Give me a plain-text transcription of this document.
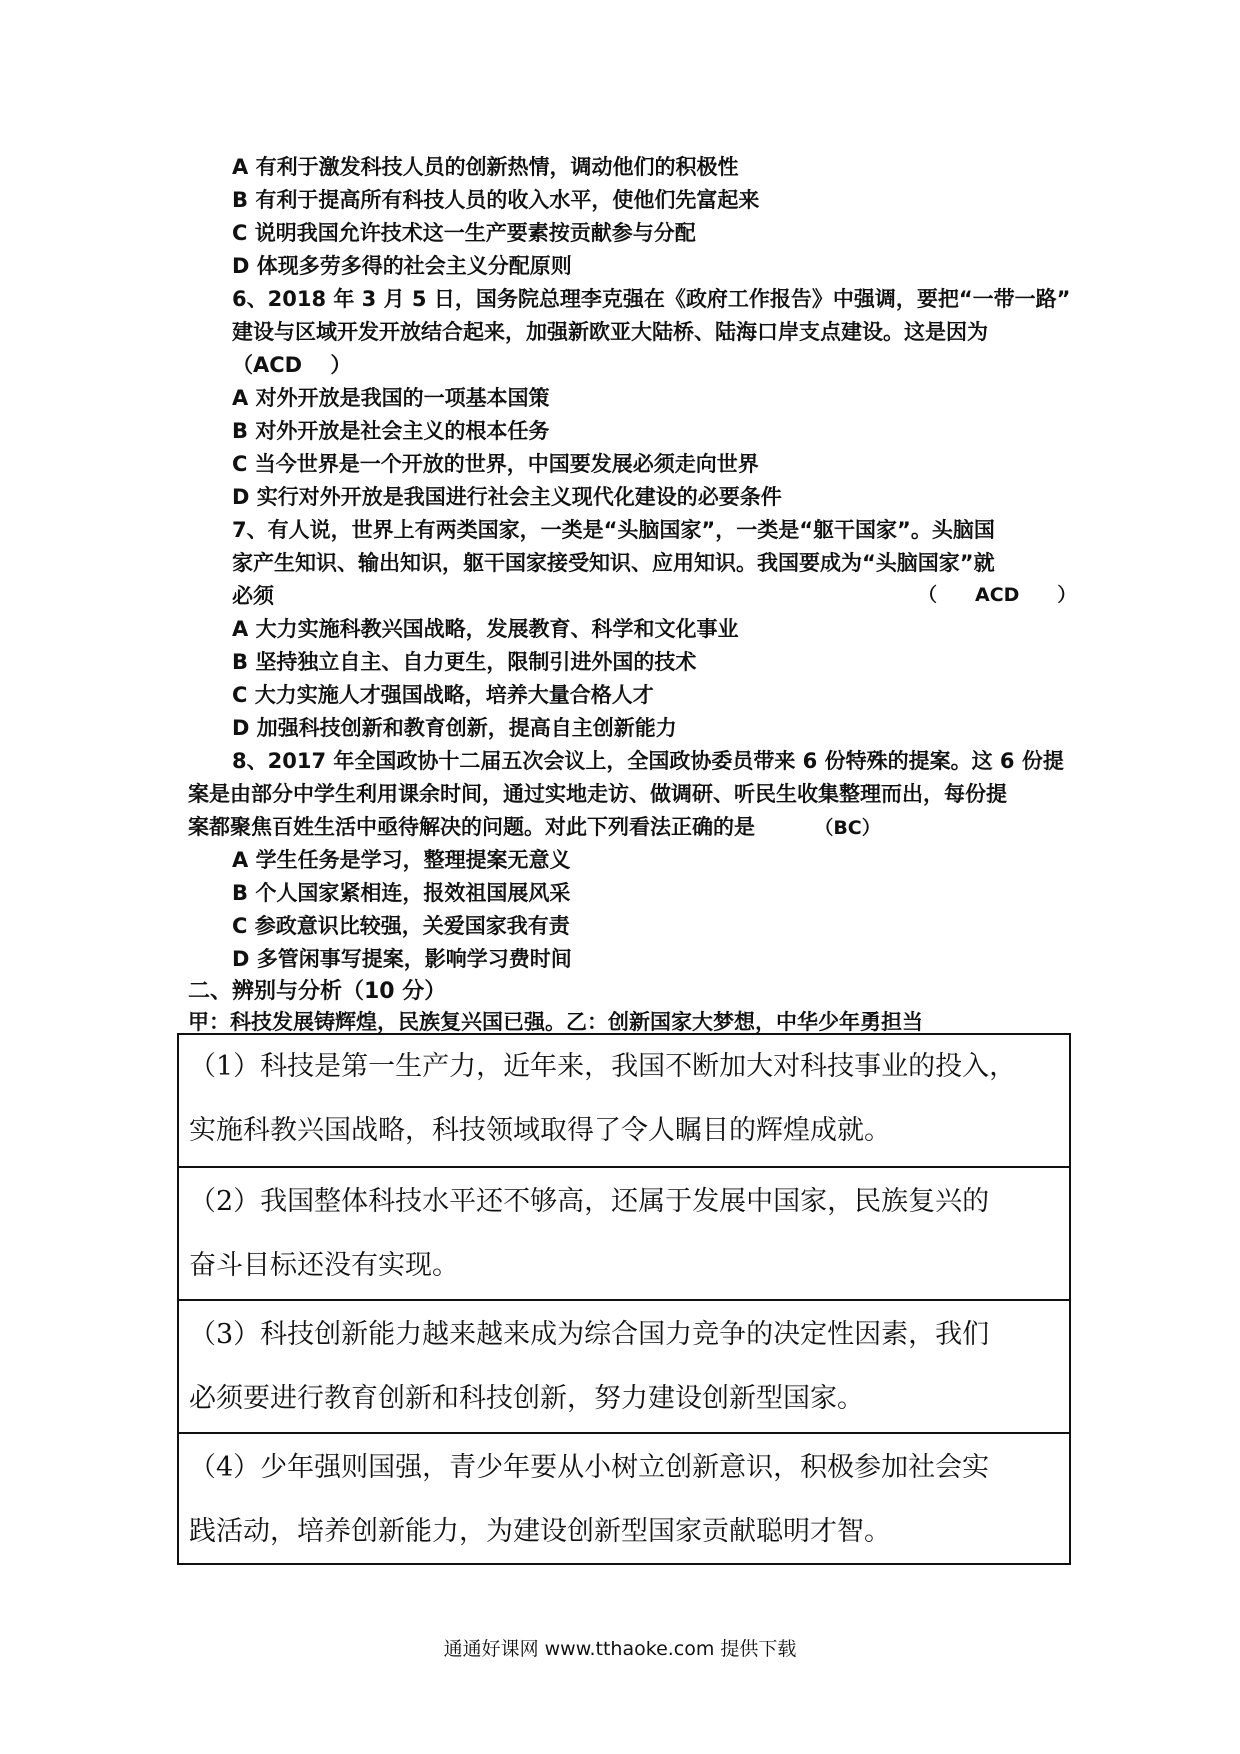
A 有利于激发科技人员的创新热情，调动他们的积极性
B 有利于提高所有科技人员的收入水平，使他们先富起来
C 说明我国允许技术这一生产要素按贡献参与分配
D 体现多劳多得的社会主义分配原则
6、2018 年 3 月 5 日，国务院总理李克强在《政府工作报告》中强调，要把“一带一路”
建设与区域开发开放结合起来，加强新欧亚大陆桥、陆海口岸支点建设。这是因为
（ACD　 ）
A 对外开放是我国的一项基本国策
B 对外开放是社会主义的根本任务
C 当今世界是一个开放的世界，中国要发展必须走向世界
D 实行对外开放是我国进行社会主义现代化建设的必要条件
7、有人说，世界上有两类国家，一类是“头脑国家”，一类是“躯干国家”。头脑国
家产生知识、输出知识，躯干国家接受知识、应用知识。我国要成为“头脑国家”就
必须	（　　ACD　　）
A 大力实施科教兴国战略，发展教育、科学和文化事业
B 坚持独立自主、自力更生，限制引进外国的技术
C 大力实施人才强国战略，培养大量合格人才
D 加强科技创新和教育创新，提高自主创新能力
8、2017 年全国政协十二届五次会议上，全国政协委员带来 6 份特殊的提案。这 6 份提
案是由部分中学生利用课余时间，通过实地走访、做调研、听民生收集整理而出，每份提
案都聚焦百姓生活中亟待解决的问题。对此下列看法正确的是	（BC）
A 学生任务是学习，整理提案无意义
B 个人国家紧相连，报效祖国展风采
C 参政意识比较强，关爱国家我有责
D 多管闲事写提案，影响学习费时间
二、辨别与分析（10 分）
甲：科技发展铸辉煌，民族复兴国已强。乙：创新国家大梦想，中华少年勇担当
（1）科技是第一生产力，近年来，我国不断加大对科技事业的投入，
实施科教兴国战略，科技领域取得了令人瞩目的辉煌成就。
（2）我国整体科技水平还不够高，还属于发展中国家，民族复兴的
奋斗目标还没有实现。
（3）科技创新能力越来越来成为综合国力竞争的决定性因素，我们
必须要进行教育创新和科技创新，努力建设创新型国家。
（4）少年强则国强，青少年要从小树立创新意识，积极参加社会实
践活动，培养创新能力，为建设创新型国家贡献聪明才智。
通通好课网 www.tthaoke.com 提供下载
